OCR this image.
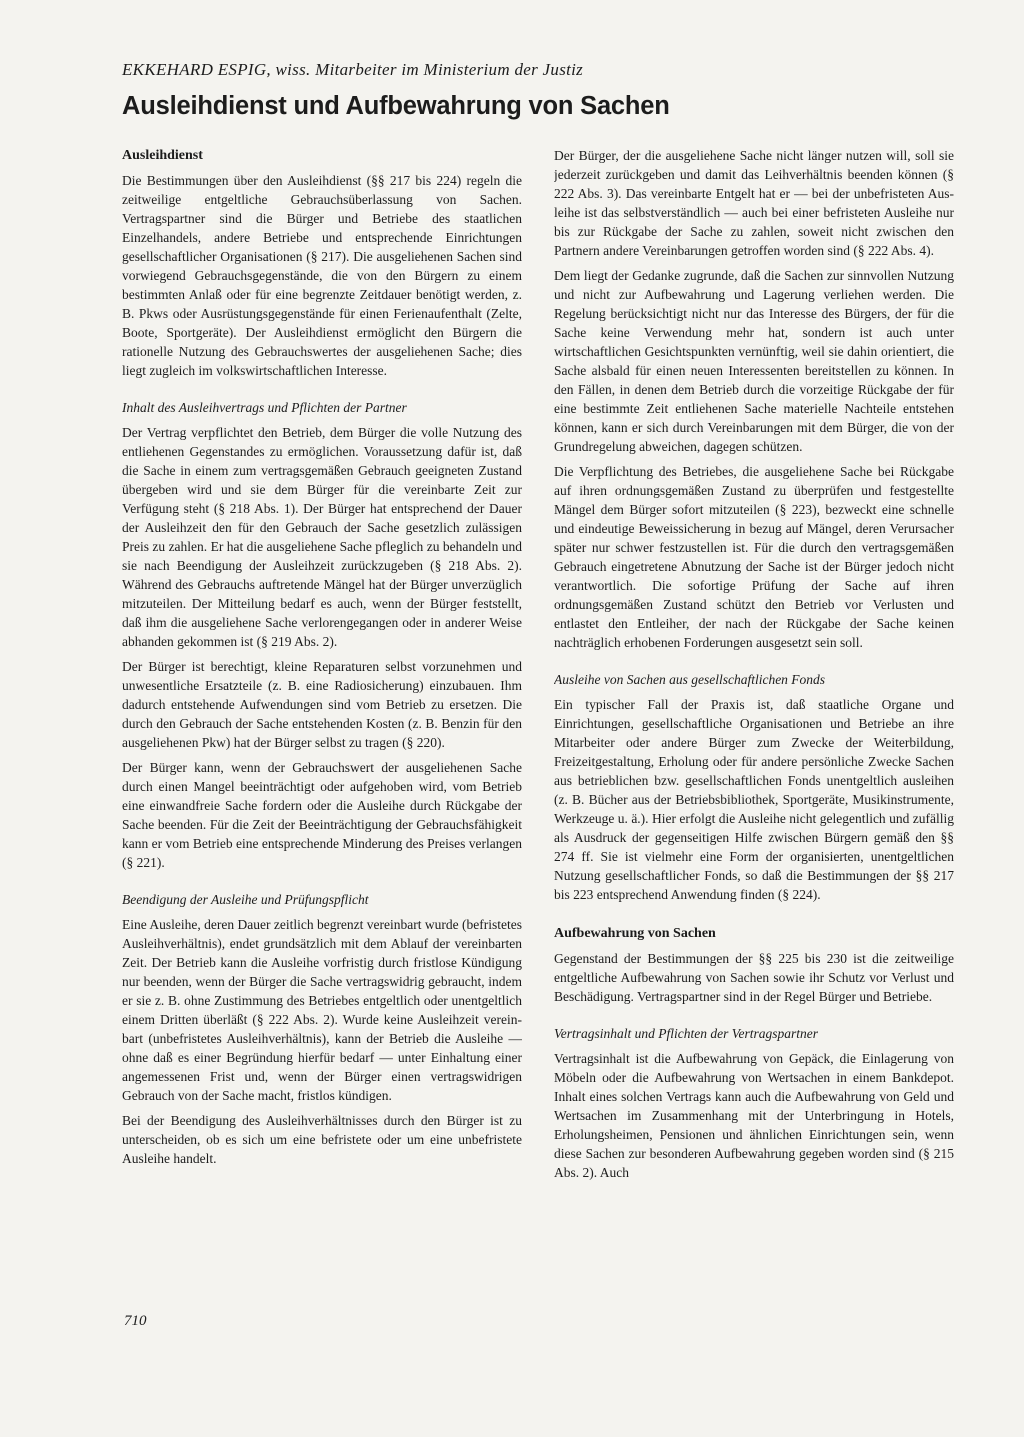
EKKEHARD ESPIG, wiss. Mitarbeiter im Ministerium der Justiz
Ausleihdienst und Aufbewahrung von Sachen
Ausleihdienst

Die Bestimmungen über den Ausleihdienst (§§ 217 bis 224) regeln die zeitweilige entgeltliche Gebrauchsüberlassung von Sachen. Vertragspartner sind die Bürger und Betriebe des staatlichen Einzelhandels, andere Betriebe und entsprechende Einrichtungen gesellschaftlicher Organisationen (§ 217). Die ausgeliehenen Sachen sind vorwiegend Gebrauchsgegenstände, die von den Bürgern zu einem bestimmten Anlaß oder für eine begrenzte Zeitdauer benötigt werden, z. B. Pkws oder Ausrüstungsgegenstände für einen Ferienaufenthalt (Zelte, Boote, Sportgeräte). Der Ausleihdienst ermöglicht den Bürgern die rationelle Nutzung des Gebrauchswertes der ausgeliehenen Sache; dies liegt zugleich im volkswirtschaftlichen Interesse.

Inhalt des Ausleihvertrags und Pflichten der Partner

Der Vertrag verpflichtet den Betrieb, dem Bürger die volle Nutzung des entliehenen Gegenstandes zu ermöglichen. Voraussetzung dafür ist, daß die Sache in einem zum vertragsgemäßen Gebrauch geeigneten Zustand übergeben wird und sie dem Bürger für die vereinbarte Zeit zur Verfügung steht (§ 218 Abs. 1). Der Bürger hat entsprechend der Dauer der Ausleihzeit den für den Gebrauch der Sache gesetzlich zulässigen Preis zu zahlen. Er hat die ausgeliehene Sache pfleglich zu behandeln und sie nach Beendigung der Ausleihzeit zurückzugeben (§ 218 Abs. 2). Während des Gebrauchs auftretende Mängel hat der Bürger unverzüglich mitzuteilen. Der Mitteilung bedarf es auch, wenn der Bürger feststellt, daß ihm die ausgeliehene Sache verlorengegangen oder in anderer Weise abhanden gekommen ist (§ 219 Abs. 2).

Der Bürger ist berechtigt, kleine Reparaturen selbst vorzunehmen und unwesentliche Ersatzteile (z. B. eine Radiosicherung) einzubauen. Ihm dadurch entstehende Aufwendungen sind vom Betrieb zu ersetzen. Die durch den Gebrauch der Sache entstehenden Kosten (z. B. Benzin für den ausgeliehenen Pkw) hat der Bürger selbst zu tragen (§ 220).

Der Bürger kann, wenn der Gebrauchswert der ausgeliehenen Sache durch einen Mangel beeinträchtigt oder aufgehoben wird, vom Betrieb eine einwandfreie Sache fordern oder die Ausleihe durch Rückgabe der Sache beenden. Für die Zeit der Beeinträchtigung der Gebrauchsfähigkeit kann er vom Betrieb eine entsprechende Minderung des Preises verlangen (§ 221).

Beendigung der Ausleihe und Prüfungspflicht

Eine Ausleihe, deren Dauer zeitlich begrenzt vereinbart wurde (befristetes Ausleihverhältnis), endet grundsätzlich mit dem Ablauf der vereinbarten Zeit. Der Betrieb kann die Ausleihe vorfristig durch fristlose Kündigung nur beenden, wenn der Bürger die Sache vertragswidrig gebraucht, indem er sie z. B. ohne Zustimmung des Betriebes entgeltlich oder unentgeltlich einem Dritten überläßt (§ 222 Abs. 2). Wurde keine Ausleihzeit vereinbart (unbefristetes Ausleihverhältnis), kann der Betrieb die Ausleihe — ohne daß es einer Begründung hierfür bedarf — unter Einhaltung einer angemessenen Frist und, wenn der Bürger einen vertragswidrigen Gebrauch von der Sache macht, fristlos kündigen.

Bei der Beendigung des Ausleihverhältnisses durch den Bürger ist zu unterscheiden, ob es sich um eine befristete oder um eine unbefristete Ausleihe handelt.

Der Bürger, der die ausgeliehene Sache nicht länger nutzen will, soll sie jederzeit zurückgeben und damit das Leihverhältnis beenden können (§ 222 Abs. 3). Das vereinbarte Entgelt hat er — bei der unbefristeten Ausleihe ist das selbstverständlich — auch bei einer befristeten Ausleihe nur bis zur Rückgabe der Sache zu zahlen, soweit nicht zwischen den Partnern andere Vereinbarungen getroffen worden sind (§ 222 Abs. 4).

Dem liegt der Gedanke zugrunde, daß die Sachen zur sinnvollen Nutzung und nicht zur Aufbewahrung und Lagerung verliehen werden. Die Regelung berücksichtigt nicht nur das Interesse des Bürgers, der für die Sache keine Verwendung mehr hat, sondern ist auch unter wirtschaftlichen Gesichtspunkten vernünftig, weil sie dahin orientiert, die Sache alsbald für einen neuen Interessenten bereitstellen zu können. In den Fällen, in denen dem Betrieb durch die vorzeitige Rückgabe der für eine bestimmte Zeit entliehenen Sache materielle Nachteile entstehen können, kann er sich durch Vereinbarungen mit dem Bürger, die von der Grundregelung abweichen, dagegen schützen.

Die Verpflichtung des Betriebes, die ausgeliehene Sache bei Rückgabe auf ihren ordnungsgemäßen Zustand zu überprüfen und festgestellte Mängel dem Bürger sofort mitzuteilen (§ 223), bezweckt eine schnelle und eindeutige Beweissicherung in bezug auf Mängel, deren Verursacher später nur schwer festzustellen ist. Für die durch den vertragsgemäßen Gebrauch eingetretene Abnutzung der Sache ist der Bürger jedoch nicht verantwortlich. Die sofortige Prüfung der Sache auf ihren ordnungsgemäßen Zustand schützt den Betrieb vor Verlusten und entlastet den Entleiher, der nach der Rückgabe der Sache keinen nachträglich erhobenen Forderungen ausgesetzt sein soll.

Ausleihe von Sachen aus gesellschaftlichen Fonds

Ein typischer Fall der Praxis ist, daß staatliche Organe und Einrichtungen, gesellschaftliche Organisationen und Betriebe an ihre Mitarbeiter oder andere Bürger zum Zwecke der Weiterbildung, Freizeitgestaltung, Erholung oder für andere persönliche Zwecke Sachen aus betrieblichen bzw. gesellschaftlichen Fonds unentgeltlich ausleihen (z. B. Bücher aus der Betriebsbibliothek, Sportgeräte, Musikinstrumente, Werkzeuge u. ä.). Hier erfolgt die Ausleihe nicht gelegentlich und zufällig als Ausdruck der gegenseitigen Hilfe zwischen Bürgern gemäß den §§ 274 ff. Sie ist vielmehr eine Form der organisierten, unentgeltlichen Nutzung gesellschaftlicher Fonds, so daß die Bestimmungen der §§ 217 bis 223 entsprechend Anwendung finden (§ 224).

Aufbewahrung von Sachen

Gegenstand der Bestimmungen der §§ 225 bis 230 ist die zeitweilige entgeltliche Aufbewahrung von Sachen sowie ihr Schutz vor Verlust und Beschädigung. Vertragspartner sind in der Regel Bürger und Betriebe.

Vertragsinhalt und Pflichten der Vertragspartner

Vertragsinhalt ist die Aufbewahrung von Gepäck, die Einlagerung von Möbeln oder die Aufbewahrung von Wertsachen in einem Bankdepot. Inhalt eines solchen Vertrags kann auch die Aufbewahrung von Geld und Wertsachen im Zusammenhang mit der Unterbringung in Hotels, Erholungsheimen, Pensionen und ähnlichen Einrichtungen sein, wenn diese Sachen zur besonderen Aufbewahrung gegeben worden sind (§ 215 Abs. 2). Auch

710
